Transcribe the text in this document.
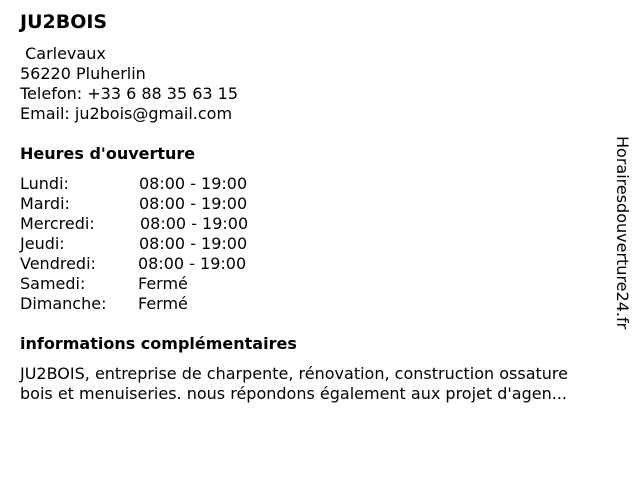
JU2BOIS
Carlevaux
56220 Pluherlin
Telefon: +33 6 88 35 63 15
Email: ju2bois@gmail.com
Heures d'ouverture
Lundi:	08:00 - 19:00
Mardi:	08:00 - 19:00
Mercredi:	08:00 - 19:00
Jeudi:	08:00 - 19:00
Vendredi:	08:00 - 19:00
Samedi:	Fermé
Dimanche: Fermé
informations complémentaires
JU2BOIS, entreprise de charpente, rénovation, construction ossature
bois et menuiseries. nous répondons également aux projet d'agen...
Horairesdouverture24.fr
